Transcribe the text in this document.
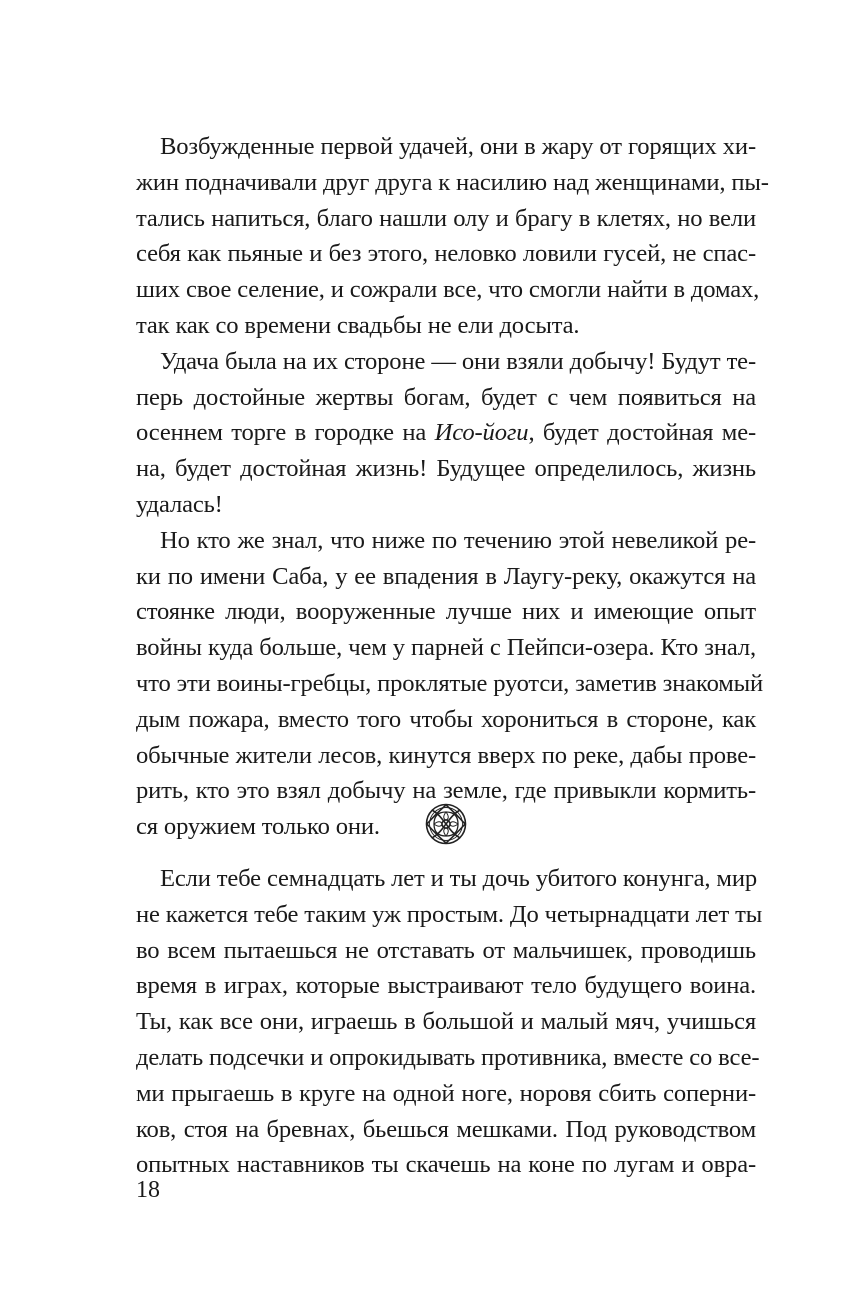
Возбужденные первой удачей, они в жару от горящих хи-
жин подначивали друг друга к насилию над женщинами, пы-
тались напиться, благо нашли олу и брагу в клетях, но вели
себя как пьяные и без этого, неловко ловили гусей, не спас-
ших свое селение, и сожрали все, что смогли найти в домах,
так как со времени свадьбы не ели досыта.
Удача была на их стороне — они взяли добычу! Будут те-
перь достойные жертвы богам, будет с чем появиться на
осеннем торге в городке на Исо-йоги, будет достойная ме-
на, будет достойная жизнь! Будущее определилось, жизнь
удалась!
Но кто же знал, что ниже по течению этой невеликой ре-
ки по имени Саба, у ее впадения в Лаугу-реку, окажутся на
стоянке люди, вооруженные лучше них и имеющие опыт
войны куда больше, чем у парней с Пейпси-озера. Кто знал,
что эти воины-гребцы, проклятые руотси, заметив знакомый
дым пожара, вместо того чтобы хорониться в стороне, как
обычные жители лесов, кинутся вверх по реке, дабы прове-
рить, кто это взял добычу на земле, где привыкли кормить-
ся оружием только они.
Если тебе семнадцать лет и ты дочь убитого конунга, мир
не кажется тебе таким уж простым. До четырнадцати лет ты
во всем пытаешься не отставать от мальчишек, проводишь
время в играх, которые выстраивают тело будущего воина.
Ты, как все они, играешь в большой и малый мяч, учишься
делать подсечки и опрокидывать противника, вместе со все-
ми прыгаешь в круге на одной ноге, норовя сбить соперни-
ков, стоя на бревнах, бьешься мешками. Под руководством
опытных наставников ты скачешь на коне по лугам и овра-
18
